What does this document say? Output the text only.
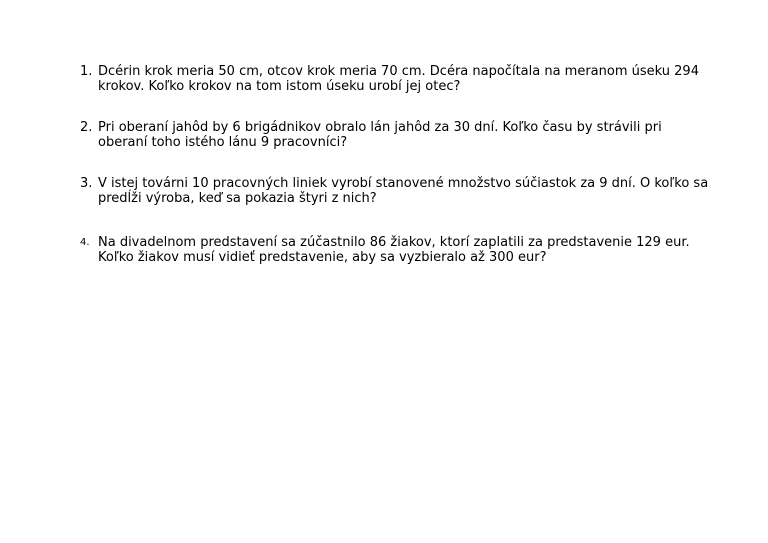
1. Dcérin krok meria 50 cm, otcov krok meria 70 cm. Dcéra napočítala na meranom úseku 294 krokov. Koľko krokov na tom istom úseku urobí jej otec?
2. Pri oberaní jahôd by 6 brigádnikov obralo lán jahôd za 30 dní. Koľko času by strávili pri oberaní toho istého lánu 9 pracovníci?
3. V istej továrni 10 pracovných liniek vyrobí stanovené množstvo súčiastok za 9 dní. O koľko sa predĺži výroba, keď sa pokazia štyri z nich?
4. Na divadelnom predstavení sa zúčastnilo 86 žiakov, ktorí zaplatili za predstavenie 129 eur. Koľko žiakov musí vidieť predstavenie, aby sa vyzbieralo až 300 eur?
